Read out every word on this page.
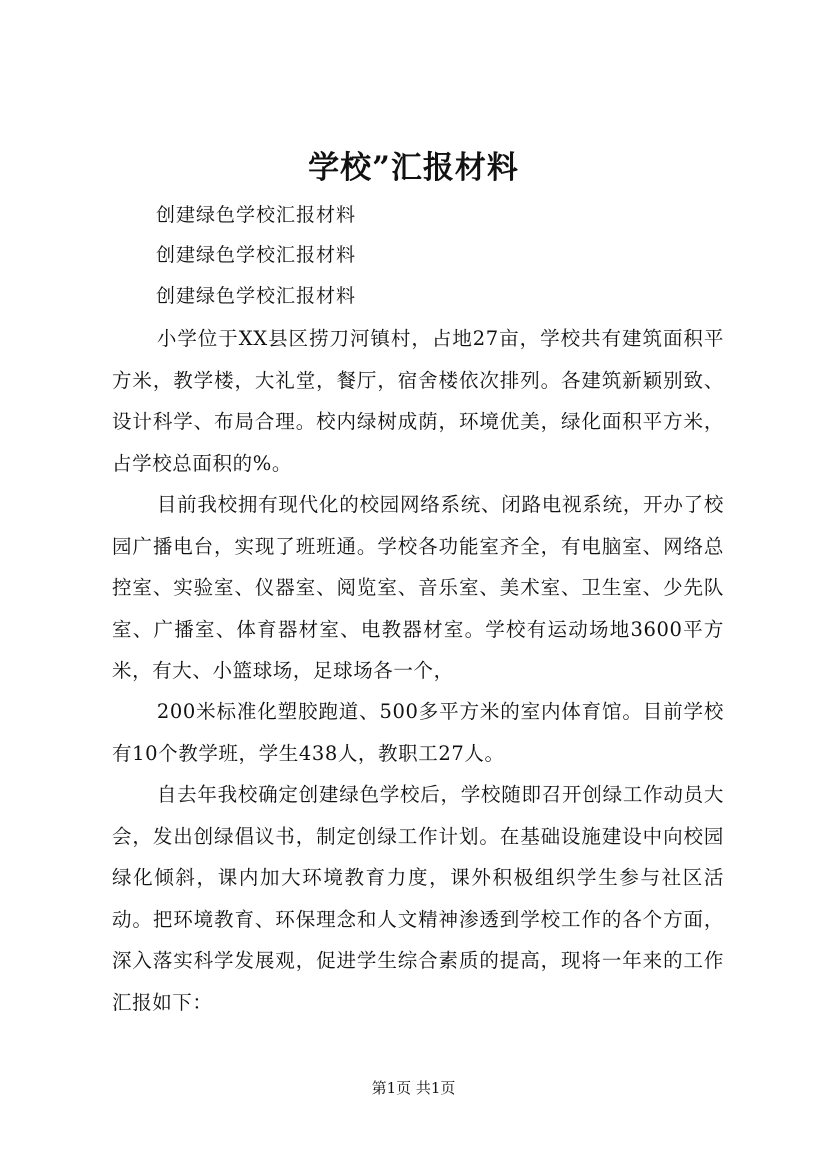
学校”汇报材料
创建绿色学校汇报材料
创建绿色学校汇报材料
创建绿色学校汇报材料

小学位于XX县区捞刀河镇村，占地27亩，学校共有建筑面积平方米，教学楼，大礼堂，餐厅，宿舍楼依次排列。各建筑新颖别致、设计科学、布局合理。校内绿树成荫，环境优美，绿化面积平方米，占学校总面积的%。

目前我校拥有现代化的校园网络系统、闭路电视系统，开办了校园广播电台，实现了班班通。学校各功能室齐全，有电脑室、网络总控室、实验室、仪器室、阅览室、音乐室、美术室、卫生室、少先队室、广播室、体育器材室、电教器材室。学校有运动场地3600平方米，有大、小篮球场，足球场各一个，

200米标准化塑胶跑道、500多平方米的室内体育馆。目前学校有10个教学班，学生438人，教职工27人。

自去年我校确定创建绿色学校后，学校随即召开创绿工作动员大会，发出创绿倡议书，制定创绿工作计划。在基础设施建设中向校园绿化倾斜，课内加大环境教育力度，课外积极组织学生参与社区活动。把环境教育、环保理念和人文精神渗透到学校工作的各个方面，深入落实科学发展观，促进学生综合素质的提高，现将一年来的工作汇报如下：

第1页 共1页
